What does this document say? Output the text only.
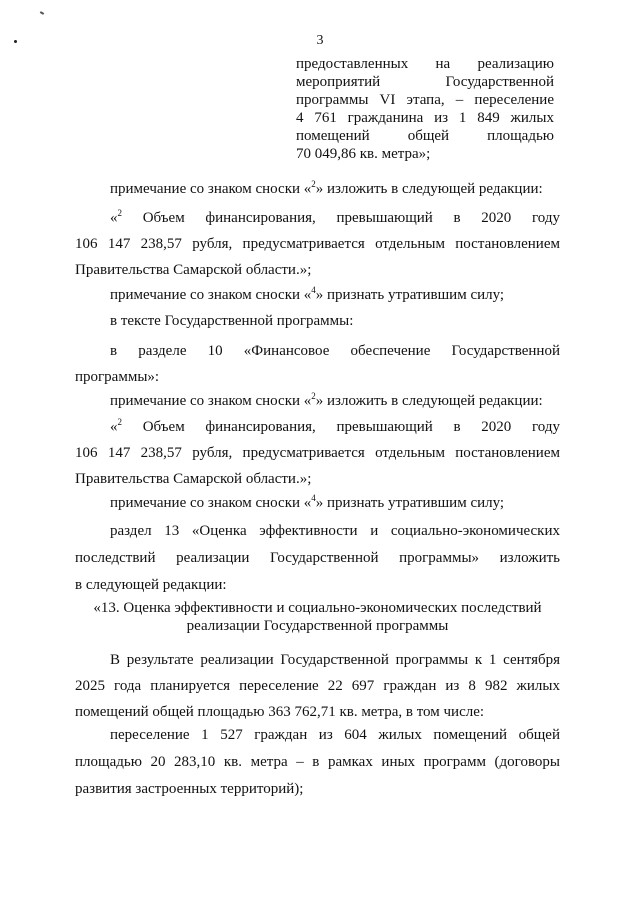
3

предоставленных на реализацию

мероприятий Государственной

программы VI этапа, – переселение

4 761 гражданина из 1 849 жилых

помещений общей площадью

70 049,86 кв. метра»;

примечание со знаком сноски «$^2$» изложить в следующей редакции:

«$^2$ Объем финансирования, превышающий в 2020 году

106 147 238,57 рубля, предусматривается отдельным постановлением

Правительства Самарской области.»;

примечание со знаком сноски «$^4$» признать утратившим силу;
в тексте Государственной программы:

в разделе 10 «Финансовое обеспечение Государственной

программы»:

примечание со знаком сноски «$^2$» изложить в следующей редакции:

«$^2$ Объем финансирования, превышающий в 2020 году

106 147 238,57 рубля, предусматривается отдельным постановлением

Правительства Самарской области.»;

примечание со знаком сноски «$^4$» признать утратившим силу;

раздел 13 «Оценка эффективности и социально-экономических

последствий реализации Государственной программы» изложить

в следующей редакции:

«13. Оценка эффективности и социально-экономических последствий

реализации Государственной программы

В результате реализации Государственной программы к 1 сентября

2025 года планируется переселение 22 697 граждан из 8 982 жилых

помещений общей площадью 363 762,71 кв. метра, в том числе:

переселение 1 527 граждан из 604 жилых помещений общей

площадью 20 283,10 кв. метра – в рамках иных программ (договоры

развития застроенных территорий);
